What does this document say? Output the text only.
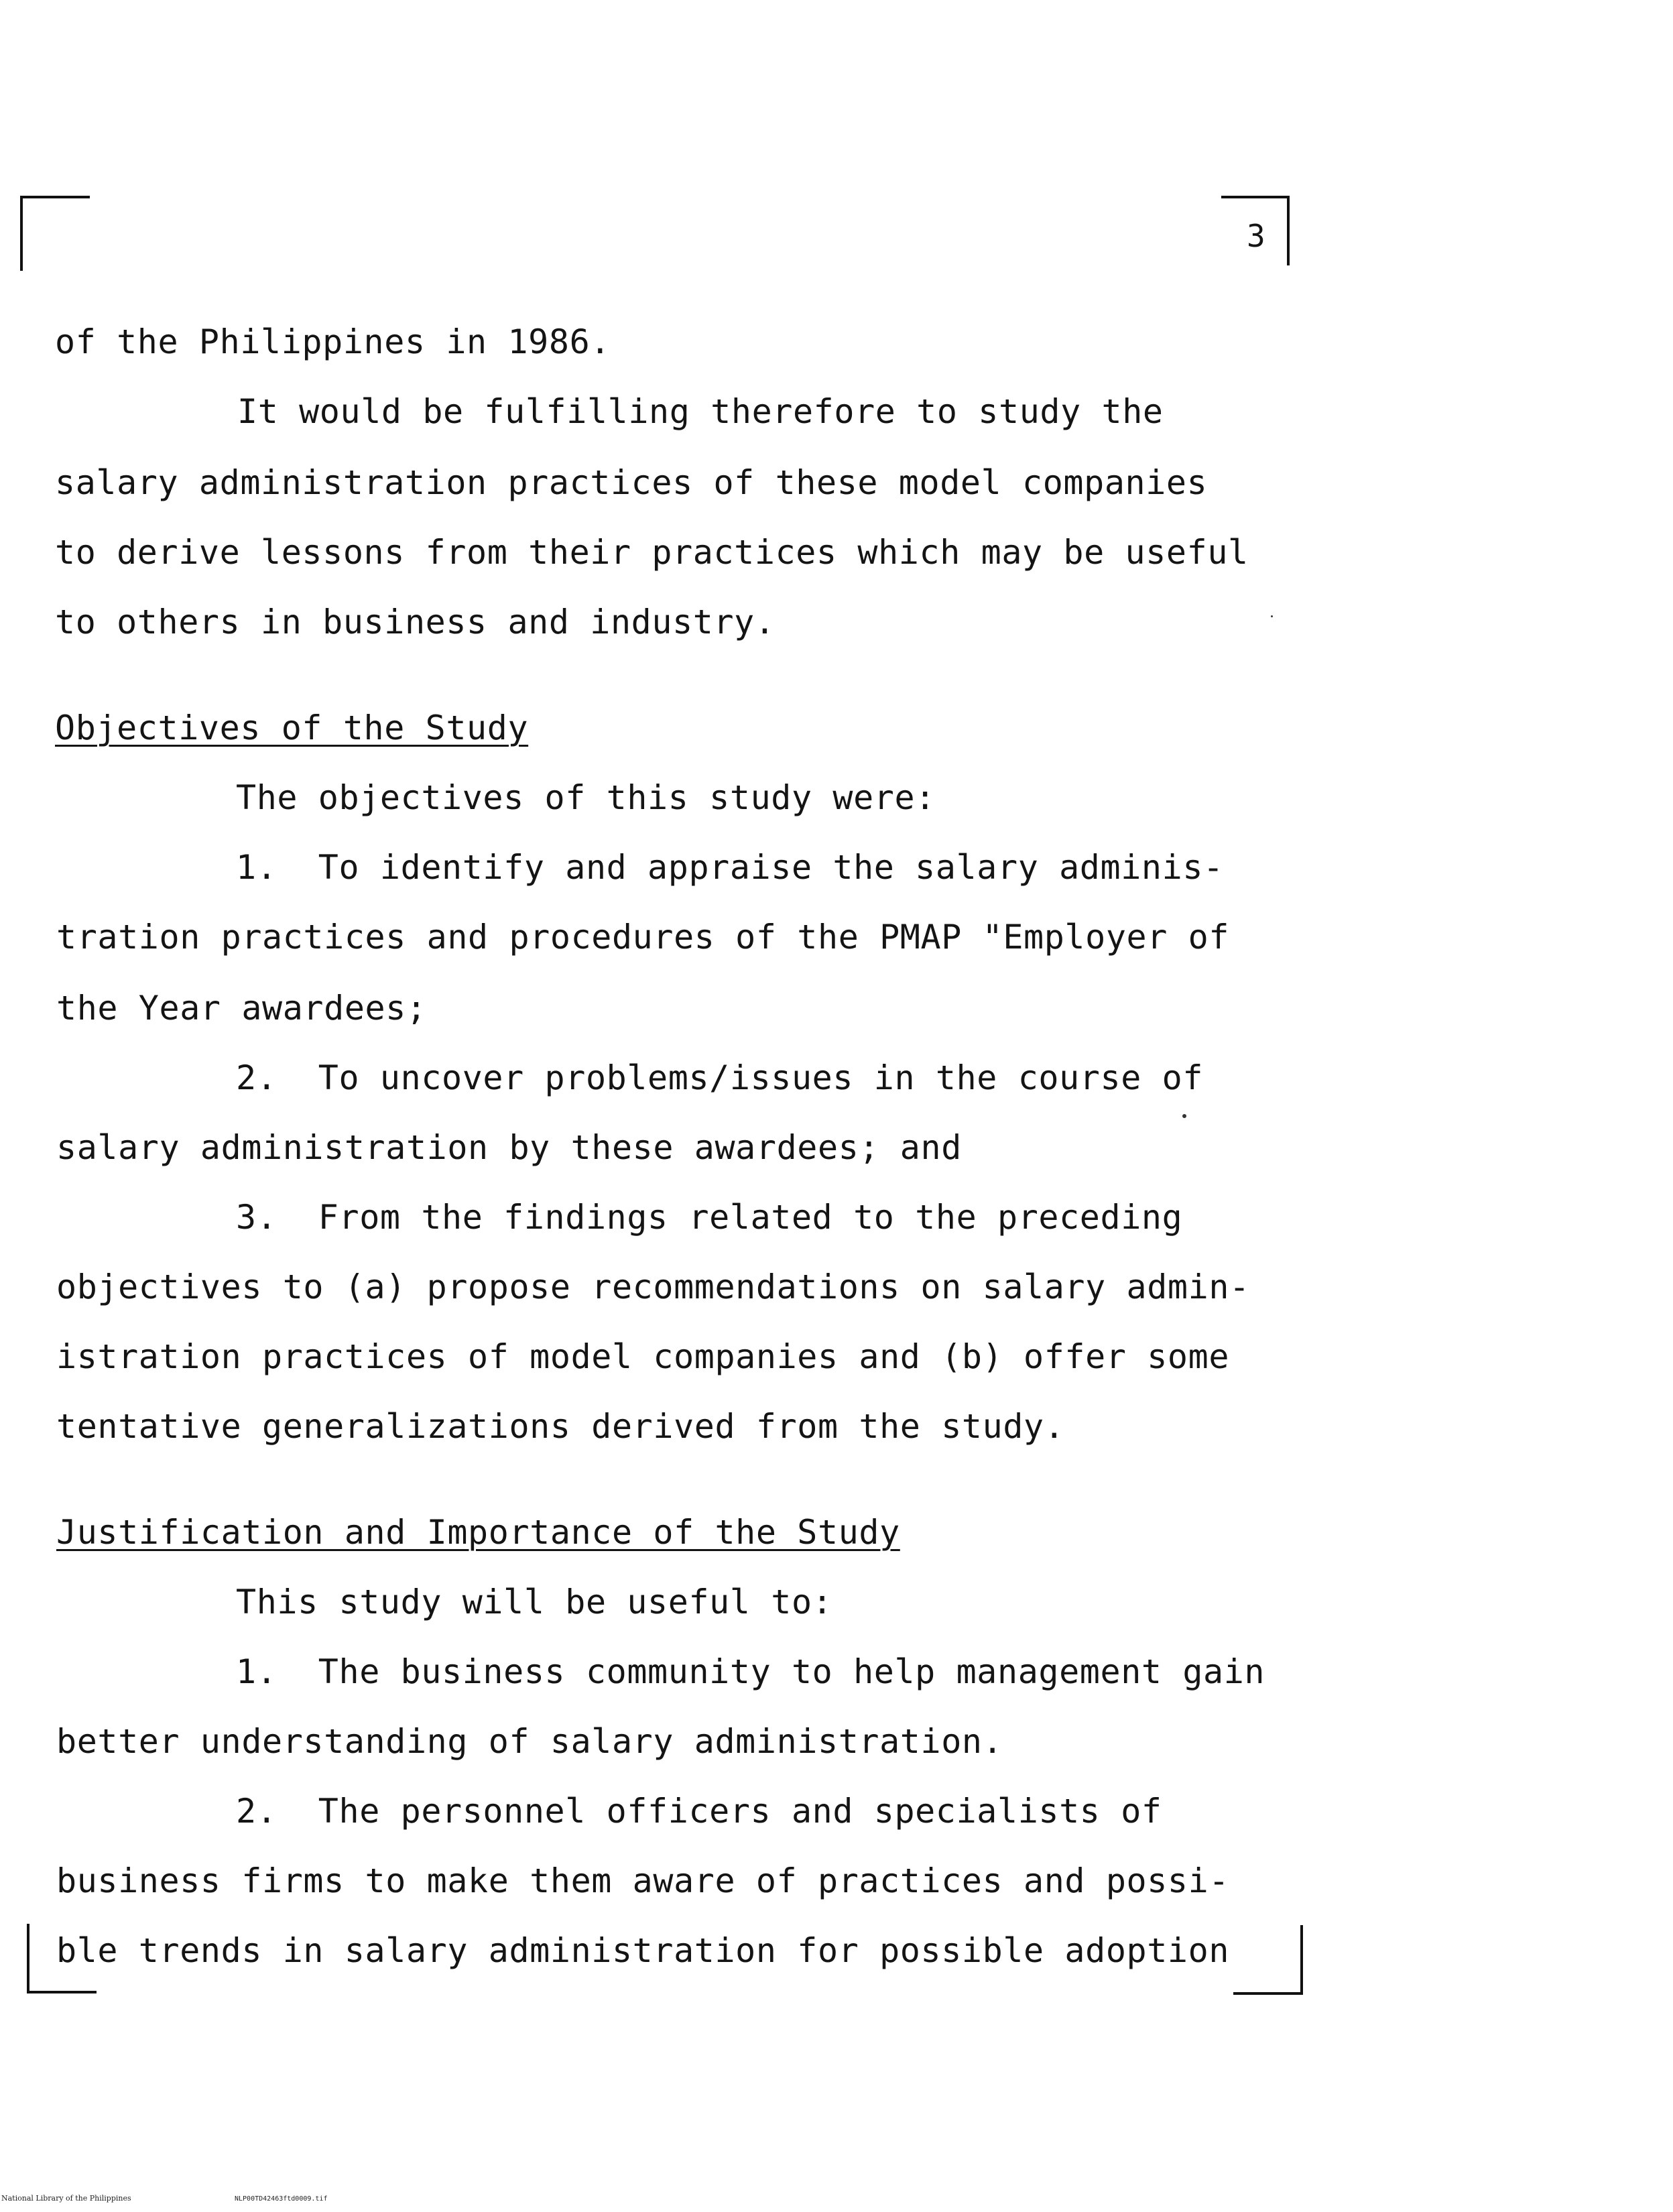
3
of the Philippines in 1986.
It would be fulfilling therefore to study the
salary administration practices of these model companies
to derive lessons from their practices which may be useful
to others in business and industry.
Objectives of the Study
The objectives of this study were:
1.  To identify and appraise the salary adminis-
tration practices and procedures of the PMAP "Employer of
the Year awardees;
2.  To uncover problems/issues in the course of
salary administration by these awardees; and
3.  From the findings related to the preceding
objectives to (a) propose recommendations on salary admin-
istration practices of model companies and (b) offer some
tentative generalizations derived from the study.
Justification and Importance of the Study
This study will be useful to:
1.  The business community to help management gain
better understanding of salary administration.
2.  The personnel officers and specialists of
business firms to make them aware of practices and possi-
ble trends in salary administration for possible adoption
National Library of the Philippines	NLP00TD42463ftd0009.tif
